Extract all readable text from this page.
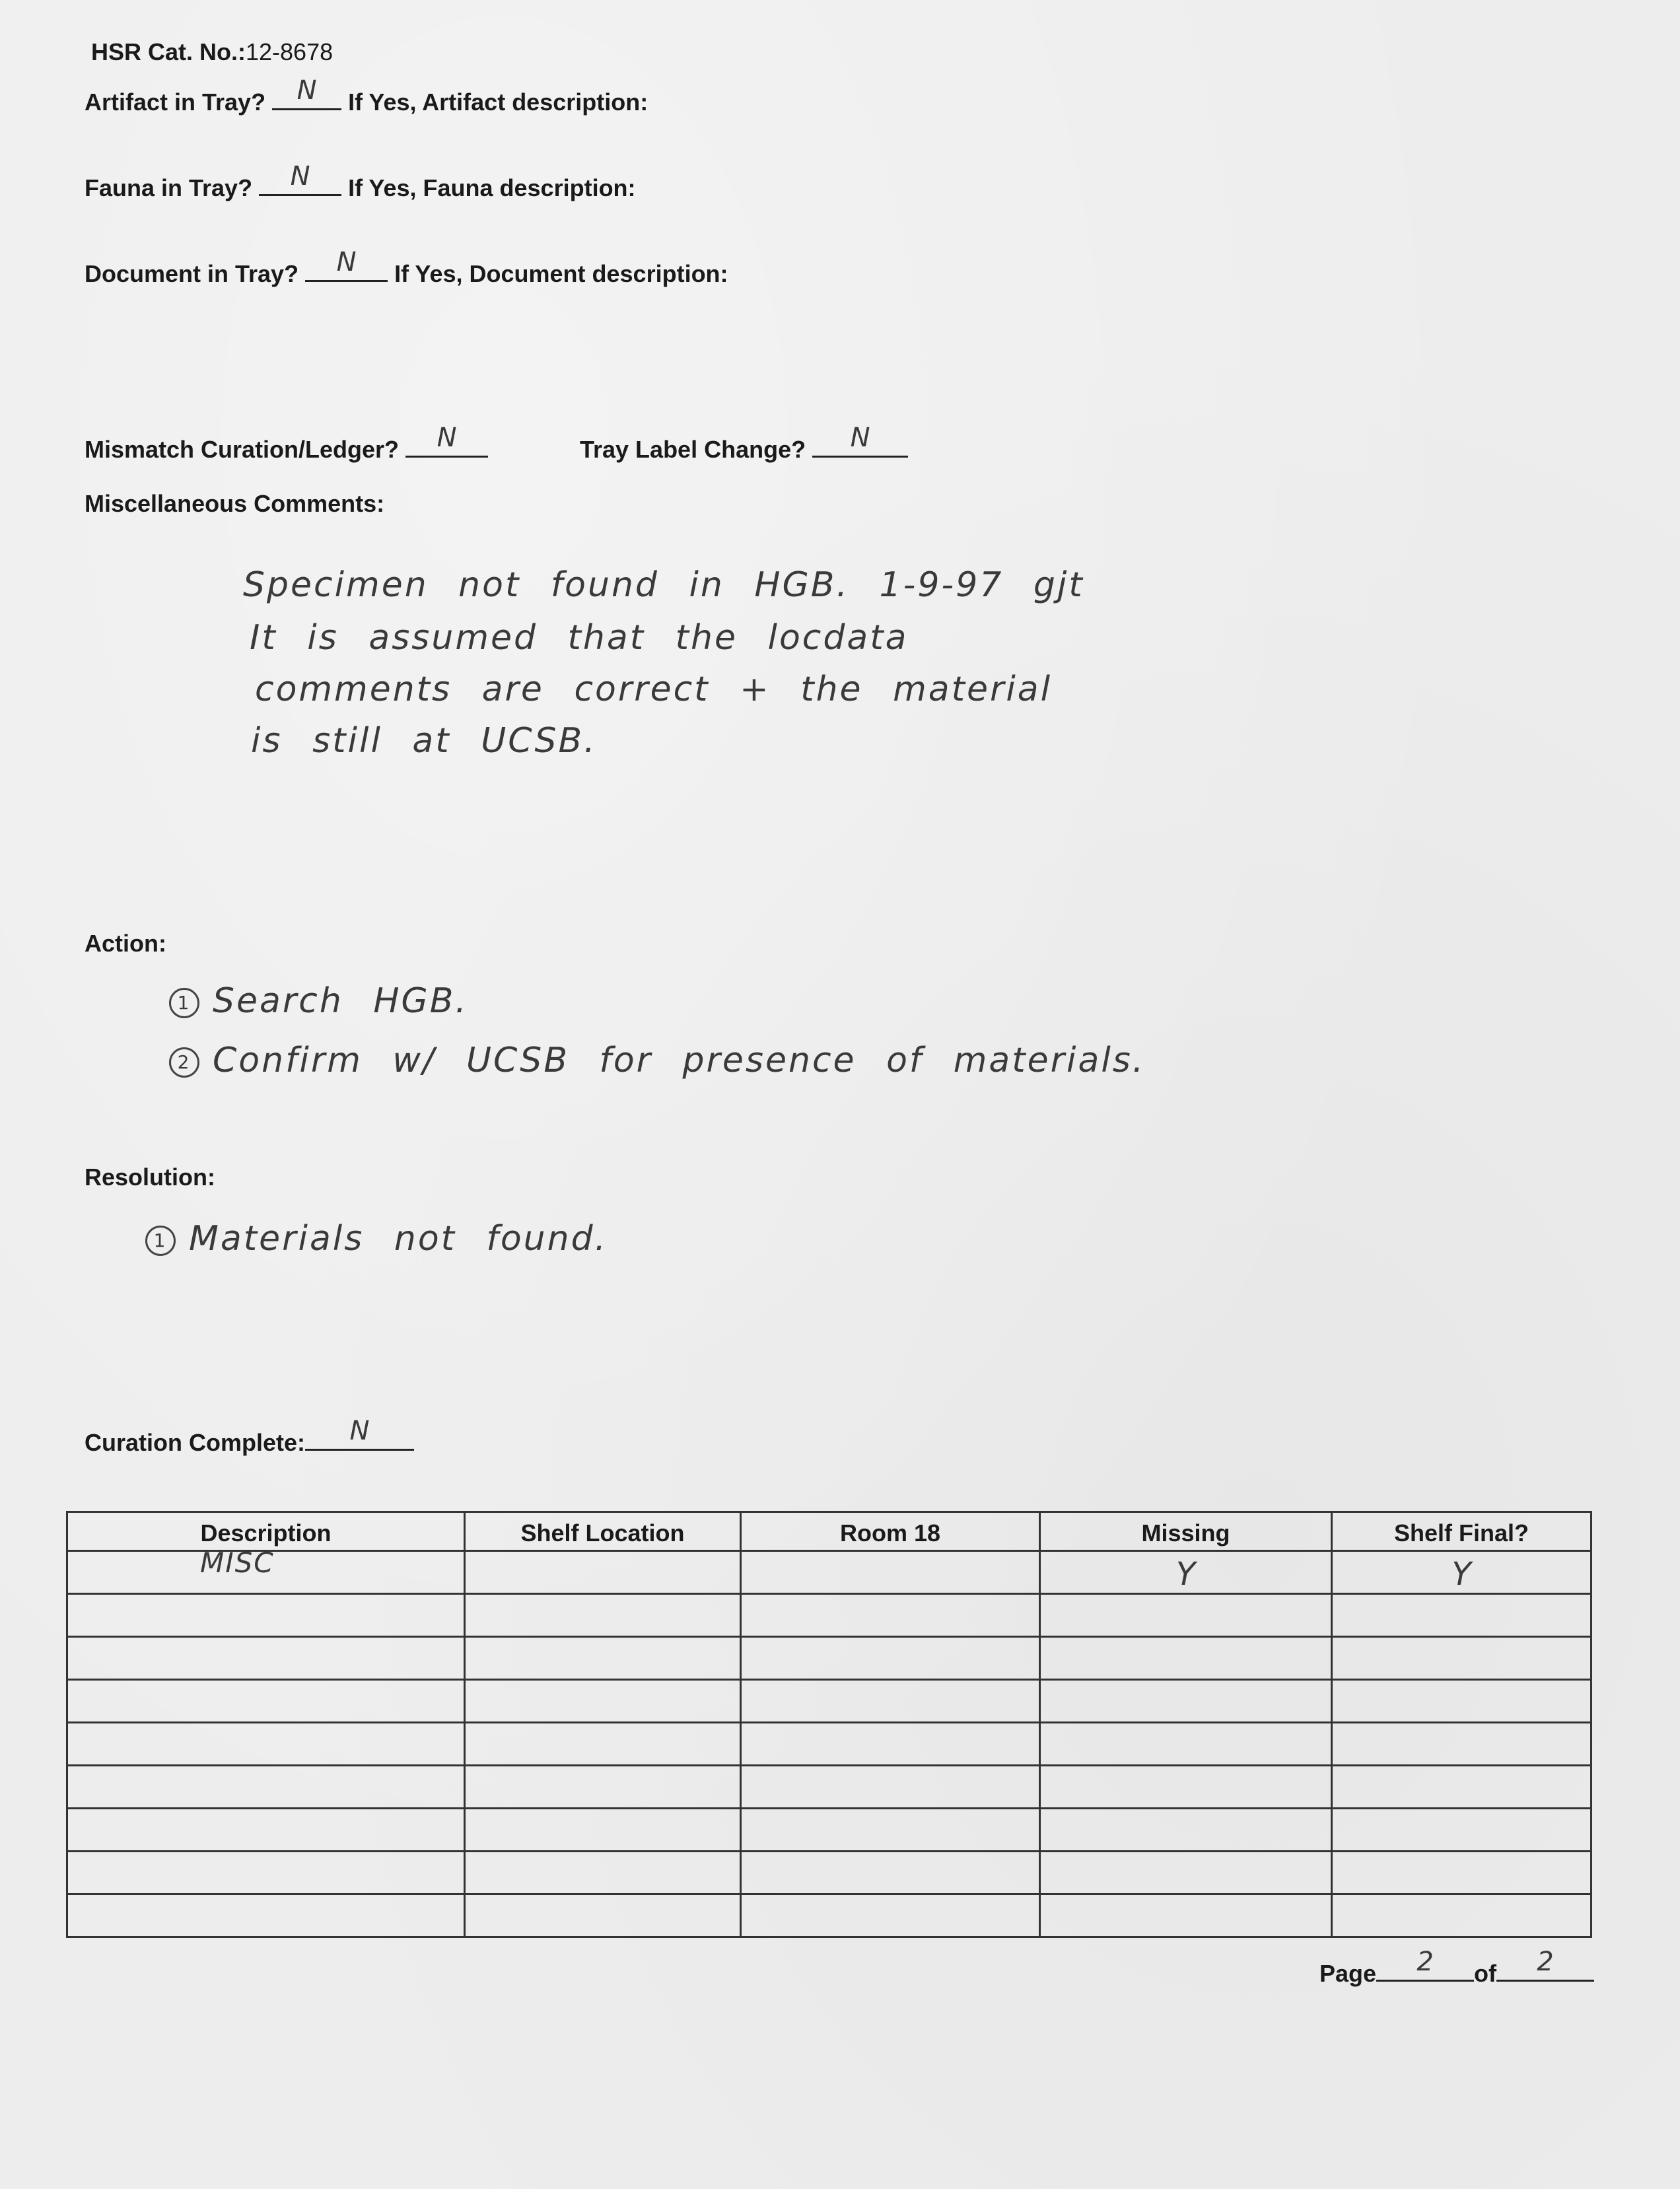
HSR Cat. No.:12-8678
Artifact in Tray?	N	If Yes, Artifact description:
Fauna in Tray?	N	If Yes, Fauna description:
Document in Tray?	N	If Yes, Document description:
Mismatch Curation/Ledger?	N	Tray Label Change?	N
Miscellaneous Comments:
Specimen not found in HGB. 1-9-97 gjt
It is assumed that the locdata
comments are correct + the material
is still at UCSB.
Action:
1 Search HGB.
2 Confirm w/ UCSB for presence of materials.
Resolution:
1 Materials not found.
Curation Complete:	N
Description	Shelf Location	Room 18	Missing	Shelf Final?

MISC			Y	Y

Page	2	of	2
